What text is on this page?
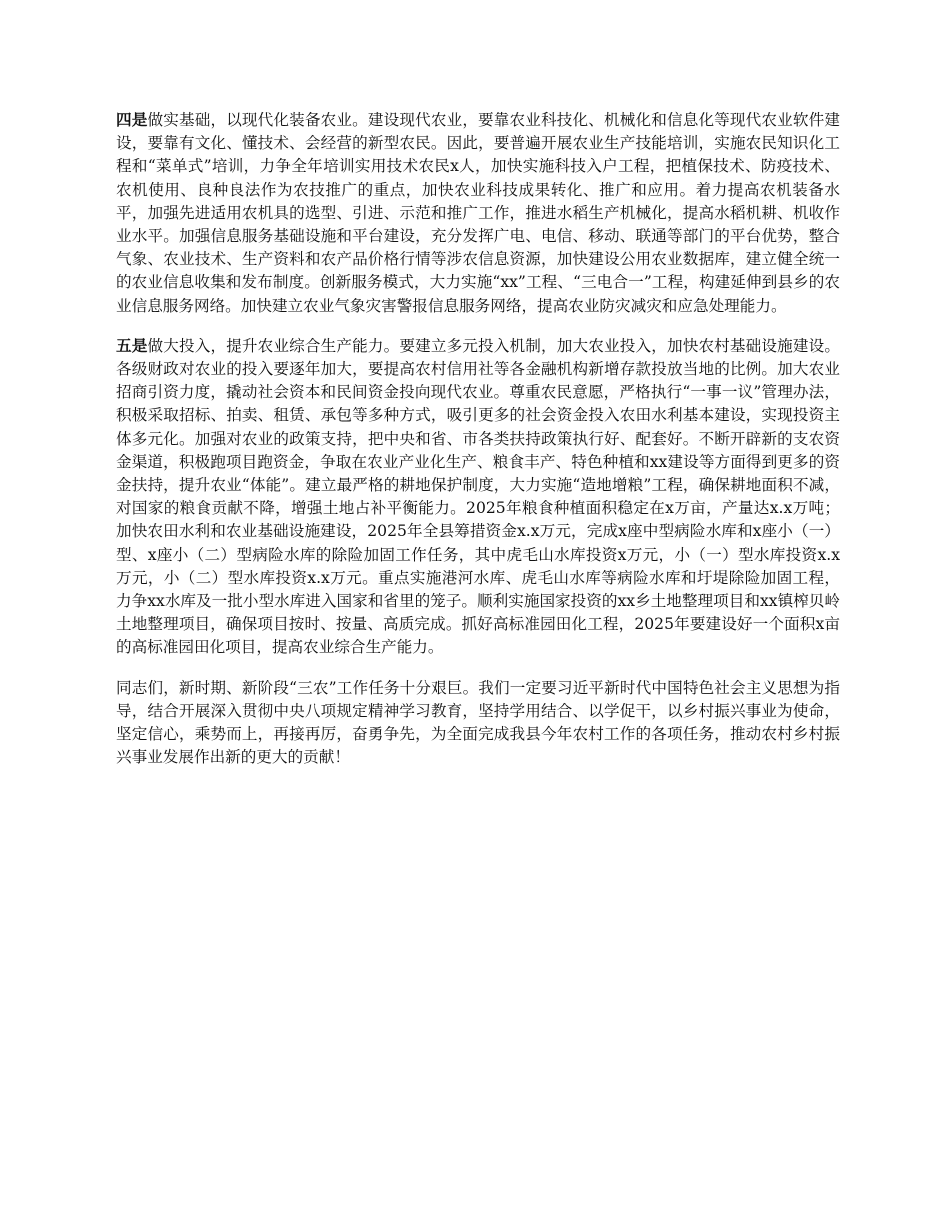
四是做实基础，以现代化装备农业。建设现代农业，要靠农业科技化、机械化和信息化等现代农业软件建设，要靠有文化、懂技术、会经营的新型农民。因此，要普遍开展农业生产技能培训，实施农民知识化工程和“菜单式”培训，力争全年培训实用技术农民x人，加快实施科技入户工程，把植保技术、防疫技术、农机使用、良种良法作为农技推广的重点，加快农业科技成果转化、推广和应用。着力提高农机装备水平，加强先进适用农机具的选型、引进、示范和推广工作，推进水稻生产机械化，提高水稻机耕、机收作业水平。加强信息服务基础设施和平台建设，充分发挥广电、电信、移动、联通等部门的平台优势，整合气象、农业技术、生产资料和农产品价格行情等涉农信息资源，加快建设公用农业数据库，建立健全统一的农业信息收集和发布制度。创新服务模式，大力实施“xx”工程、“三电合一”工程，构建延伸到县乡的农业信息服务网络。加快建立农业气象灾害警报信息服务网络，提高农业防灾减灾和应急处理能力。

五是做大投入，提升农业综合生产能力。要建立多元投入机制，加大农业投入，加快农村基础设施建设。各级财政对农业的投入要逐年加大，要提高农村信用社等各金融机构新增存款投放当地的比例。加大农业招商引资力度，撬动社会资本和民间资金投向现代农业。尊重农民意愿，严格执行“一事一议”管理办法，积极采取招标、拍卖、租赁、承包等多种方式，吸引更多的社会资金投入农田水利基本建设，实现投资主体多元化。加强对农业的政策支持，把中央和省、市各类扶持政策执行好、配套好。不断开辟新的支农资金渠道，积极跑项目跑资金，争取在农业产业化生产、粮食丰产、特色种植和xx建设等方面得到更多的资金扶持，提升农业“体能”。建立最严格的耕地保护制度，大力实施“造地增粮”工程，确保耕地面积不减，对国家的粮食贡献不降，增强土地占补平衡能力。2025年粮食种植面积稳定在x万亩，产量达x.x万吨；加快农田水利和农业基础设施建设，2025年全县筹措资金x.x万元，完成x座中型病险水库和x座小（一）型、x座小（二）型病险水库的除险加固工作任务，其中虎毛山水库投资x万元，小（一）型水库投资x.x万元，小（二）型水库投资x.x万元。重点实施港河水库、虎毛山水库等病险水库和圩堤除险加固工程，力争xx水库及一批小型水库进入国家和省里的笼子。顺利实施国家投资的xx乡土地整理项目和xx镇榨贝岭土地整理项目，确保项目按时、按量、高质完成。抓好高标准园田化工程，2025年要建设好一个面积x亩的高标准园田化项目，提高农业综合生产能力。

同志们，新时期、新阶段“三农”工作任务十分艰巨。我们一定要习近平新时代中国特色社会主义思想为指导，结合开展深入贯彻中央八项规定精神学习教育，坚持学用结合、以学促干，以乡村振兴事业为使命，坚定信心，乘势而上，再接再厉，奋勇争先，为全面完成我县今年农村工作的各项任务，推动农村乡村振兴事业发展作出新的更大的贡献！
